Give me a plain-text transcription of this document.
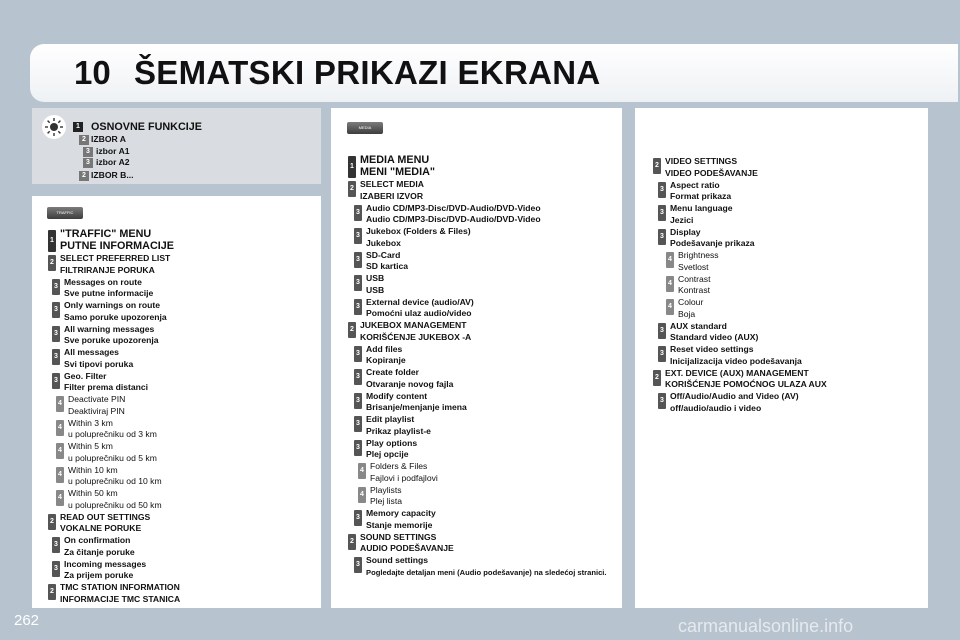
10 ŠEMATSKI PRIKAZI EKRANA
TRAFFIC
MEDIA
262	carmanualsonline.info
1 OSNOVNE FUNKCIJE
2 IZBOR A
3 izbor A1
3 izbor A2
2 IZBOR B...
1
"TRAFFIC" MENU
PUTNE INFORMACIJE
2 SELECT PREFERRED LIST
FILTRIRANJE PORUKA
3 Messages on route
Sve putne informacije
3 Only warnings on route
Samo poruke upozorenja
3 All warning messages
Sve poruke upozorenja
3 All messages
Svi tipovi poruka
3 Geo. Filter
Filter prema distanci
4 Deactivate PIN
Deaktiviraj PIN
4 Within 3 km
u poluprečniku od 3 km
4 Within 5 km
u poluprečniku od 5 km
4 Within 10 km
u poluprečniku od 10 km
4 Within 50 km
u poluprečniku od 50 km
2 READ OUT SETTINGS
VOKALNE PORUKE
3 On confirmation
Za čitanje poruke
3 Incoming messages
Za prijem poruke
2 TMC STATION INFORMATION
INFORMACIJE TMC STANICA
1
MEDIA MENU
MENI "MEDIA"
2 SELECT MEDIA
IZABERI IZVOR
3 Audio CD/MP3-Disc/DVD-Audio/DVD-Video
Audio CD/MP3-Disc/DVD-Audio/DVD-Video
3 Jukebox (Folders & Files)
Jukebox
3 SD-Card
SD kartica
3 USB
USB
3 External device (audio/AV)
Pomoćni ulaz audio/video
2 JUKEBOX MANAGEMENT
KORIŠĆENJE JUKEBOX -A
3 Add files
Kopiranje
3 Create folder
Otvaranje novog fajla
3 Modify content
Brisanje/menjanje imena
3 Edit playlist
Prikaz playlist-e
3 Play options
Plej opcije
4 Folders & Files
Fajlovi i podfajlovi
4 Playlists
Plej lista
3 Memory capacity
Stanje memorije
2 SOUND SETTINGS
AUDIO PODEŠAVANJE
3 Sound settings
Pogledajte detaljan meni (Audio podešavanje) na sledećoj stranici.
2 VIDEO SETTINGS
VIDEO PODEŠAVANJE
3 Aspect ratio
Format prikaza
3 Menu language
Jezici
3 Display
Podešavanje prikaza
4 Brightness
Svetlost
4 Contrast
Kontrast
4 Colour
Boja
3 AUX standard
Standard video (AUX)
3 Reset video settings
Inicijalizacija video podešavanja
2 EXT. DEVICE (AUX) MANAGEMENT
KORIŠĆENJE POMOĆNOG ULAZA AUX
3 Off/Audio/Audio and Video (AV)
off/audio/audio i video
